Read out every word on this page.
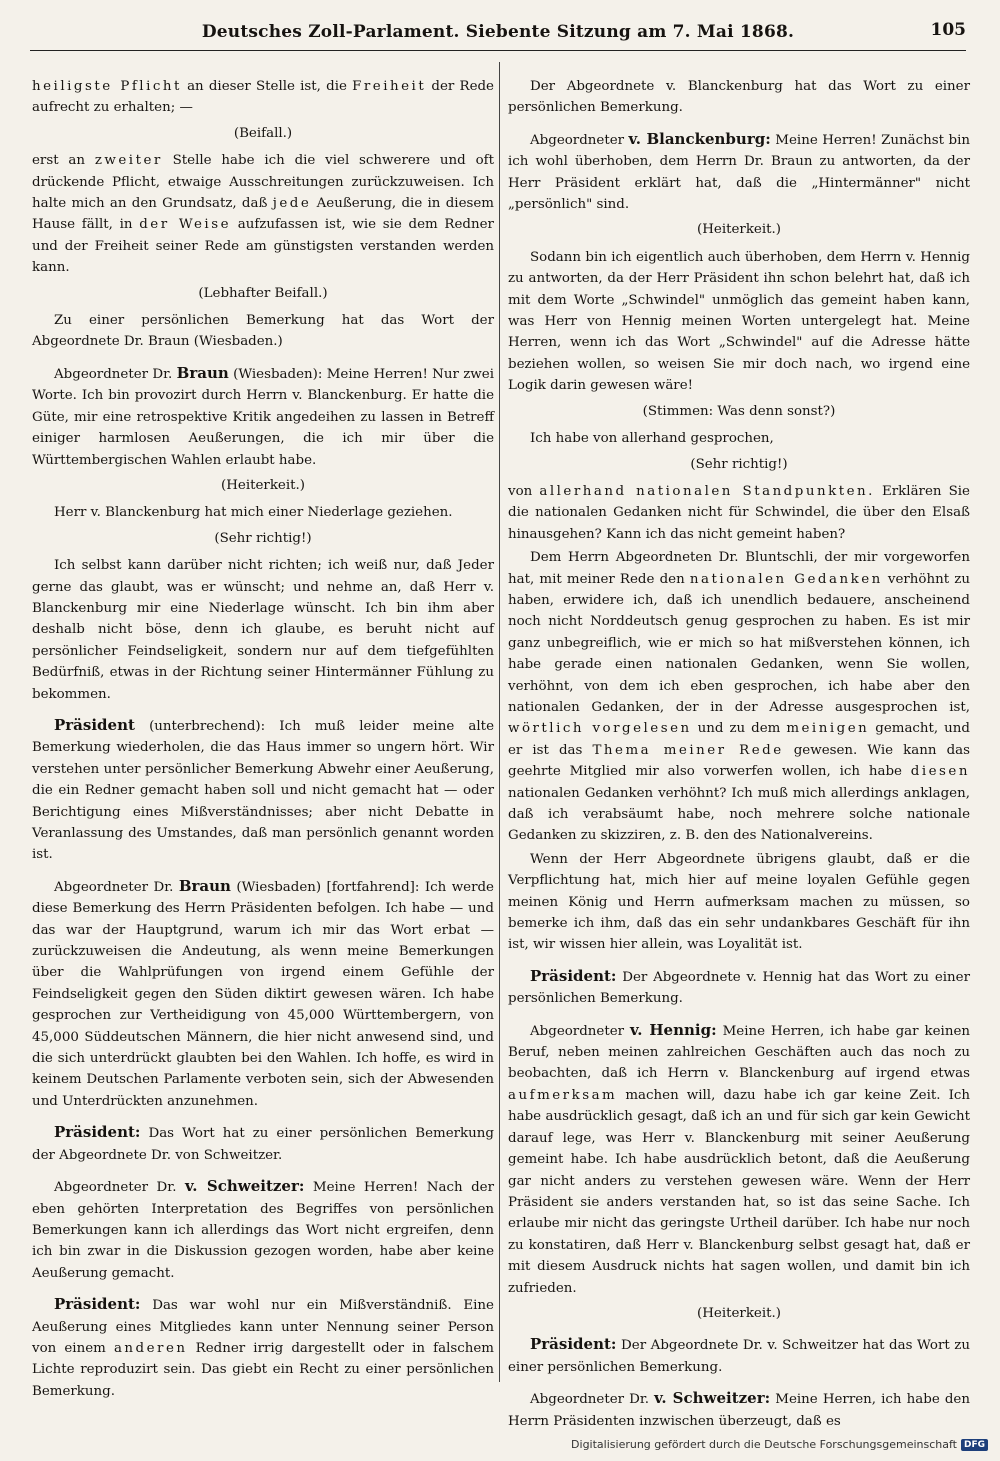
Deutsches Zoll-Parlament. Siebente Sitzung am 7. Mai 1868.	105

heiligste Pflicht an dieser Stelle ist, die Freiheit der Rede aufrecht zu erhalten; —

(Beifall.)

erst an zweiter Stelle habe ich die viel schwerere und oft drückende Pflicht, etwaige Ausschreitungen zurückzuweisen. Ich halte mich an den Grundsatz, daß jede Aeußerung, die in diesem Hause fällt, in der Weise aufzufassen ist, wie sie dem Redner und der Freiheit seiner Rede am günstigsten verstanden werden kann.

(Lebhafter Beifall.)

Zu einer persönlichen Bemerkung hat das Wort der Abgeordnete Dr. Braun (Wiesbaden.)

Abgeordneter Dr. Braun (Wiesbaden): Meine Herren! Nur zwei Worte. Ich bin provozirt durch Herrn v. Blanckenburg. Er hatte die Güte, mir eine retrospektive Kritik angedeihen zu lassen in Betreff einiger harmlosen Aeußerungen, die ich mir über die Württembergischen Wahlen erlaubt habe.

(Heiterkeit.)

Herr v. Blanckenburg hat mich einer Niederlage geziehen.

(Sehr richtig!)

Ich selbst kann darüber nicht richten; ich weiß nur, daß Jeder gerne das glaubt, was er wünscht; und nehme an, daß Herr v. Blanckenburg mir eine Niederlage wünscht. Ich bin ihm aber deshalb nicht böse, denn ich glaube, es beruht nicht auf persönlicher Feindseligkeit, sondern nur auf dem tiefgefühlten Bedürfniß, etwas in der Richtung seiner Hintermänner Fühlung zu bekommen.

Präsident (unterbrechend): Ich muß leider meine alte Bemerkung wiederholen, die das Haus immer so ungern hört. Wir verstehen unter persönlicher Bemerkung Abwehr einer Aeußerung, die ein Redner gemacht haben soll und nicht gemacht hat — oder Berichtigung eines Mißverständnisses; aber nicht Debatte in Veranlassung des Umstandes, daß man persönlich genannt worden ist.

Abgeordneter Dr. Braun (Wiesbaden) [fortfahrend]: Ich werde diese Bemerkung des Herrn Präsidenten befolgen. Ich habe — und das war der Hauptgrund, warum ich mir das Wort erbat — zurückzuweisen die Andeutung, als wenn meine Bemerkungen über die Wahlprüfungen von irgend einem Gefühle der Feindseligkeit gegen den Süden diktirt gewesen wären. Ich habe gesprochen zur Vertheidigung von 45,000 Württembergern, von 45,000 Süddeutschen Männern, die hier nicht anwesend sind, und die sich unterdrückt glaubten bei den Wahlen. Ich hoffe, es wird in keinem Deutschen Parlamente verboten sein, sich der Abwesenden und Unterdrückten anzunehmen.

Präsident: Das Wort hat zu einer persönlichen Bemerkung der Abgeordnete Dr. von Schweitzer.

Abgeordneter Dr. v. Schweitzer: Meine Herren! Nach der eben gehörten Interpretation des Begriffes von persönlichen Bemerkungen kann ich allerdings das Wort nicht ergreifen, denn ich bin zwar in die Diskussion gezogen worden, habe aber keine Aeußerung gemacht.

Präsident: Das war wohl nur ein Mißverständniß. Eine Aeußerung eines Mitgliedes kann unter Nennung seiner Person von einem anderen Redner irrig dargestellt oder in falschem Lichte reproduzirt sein. Das giebt ein Recht zu einer persönlichen Bemerkung.

Der Abgeordnete v. Blanckenburg hat das Wort zu einer persönlichen Bemerkung.

Abgeordneter v. Blanckenburg: Meine Herren! Zunächst bin ich wohl überhoben, dem Herrn Dr. Braun zu antworten, da der Herr Präsident erklärt hat, daß die „Hintermänner" nicht „persönlich" sind.

(Heiterkeit.)

Sodann bin ich eigentlich auch überhoben, dem Herrn v. Hennig zu antworten, da der Herr Präsident ihn schon belehrt hat, daß ich mit dem Worte „Schwindel" unmöglich das gemeint haben kann, was Herr von Hennig meinen Worten untergelegt hat. Meine Herren, wenn ich das Wort „Schwindel" auf die Adresse hätte beziehen wollen, so weisen Sie mir doch nach, wo irgend eine Logik darin gewesen wäre!

(Stimmen: Was denn sonst?)

Ich habe von allerhand gesprochen,

(Sehr richtig!)

von allerhand nationalen Standpunkten. Erklären Sie die nationalen Gedanken nicht für Schwindel, die über den Elsaß hinausgehen? Kann ich das nicht gemeint haben?

Dem Herrn Abgeordneten Dr. Bluntschli, der mir vorgeworfen hat, mit meiner Rede den nationalen Gedanken verhöhnt zu haben, erwidere ich, daß ich unendlich bedauere, anscheinend noch nicht Norddeutsch genug gesprochen zu haben. Es ist mir ganz unbegreiflich, wie er mich so hat mißverstehen können, ich habe gerade einen nationalen Gedanken, wenn Sie wollen, verhöhnt, von dem ich eben gesprochen, ich habe aber den nationalen Gedanken, der in der Adresse ausgesprochen ist, wörtlich vorgelesen und zu dem meinigen gemacht, und er ist das Thema meiner Rede gewesen. Wie kann das geehrte Mitglied mir also vorwerfen wollen, ich habe diesen nationalen Gedanken verhöhnt? Ich muß mich allerdings anklagen, daß ich verabsäumt habe, noch mehrere solche nationale Gedanken zu skizziren, z. B. den des Nationalvereins.

Wenn der Herr Abgeordnete übrigens glaubt, daß er die Verpflichtung hat, mich hier auf meine loyalen Gefühle gegen meinen König und Herrn aufmerksam machen zu müssen, so bemerke ich ihm, daß das ein sehr undankbares Geschäft für ihn ist, wir wissen hier allein, was Loyalität ist.

Präsident: Der Abgeordnete v. Hennig hat das Wort zu einer persönlichen Bemerkung.

Abgeordneter v. Hennig: Meine Herren, ich habe gar keinen Beruf, neben meinen zahlreichen Geschäften auch das noch zu beobachten, daß ich Herrn v. Blanckenburg auf irgend etwas aufmerksam machen will, dazu habe ich gar keine Zeit. Ich habe ausdrücklich gesagt, daß ich an und für sich gar kein Gewicht darauf lege, was Herr v. Blanckenburg mit seiner Aeußerung gemeint habe. Ich habe ausdrücklich betont, daß die Aeußerung gar nicht anders zu verstehen gewesen wäre. Wenn der Herr Präsident sie anders verstanden hat, so ist das seine Sache. Ich erlaube mir nicht das geringste Urtheil darüber. Ich habe nur noch zu konstatiren, daß Herr v. Blanckenburg selbst gesagt hat, daß er mit diesem Ausdruck nichts hat sagen wollen, und damit bin ich zufrieden.

(Heiterkeit.)

Präsident: Der Abgeordnete Dr. v. Schweitzer hat das Wort zu einer persönlichen Bemerkung.

Abgeordneter Dr. v. Schweitzer: Meine Herren, ich habe den Herrn Präsidenten inzwischen überzeugt, daß es

Digitalisierung gefördert durch die Deutsche Forschungsgemeinschaft DFG
